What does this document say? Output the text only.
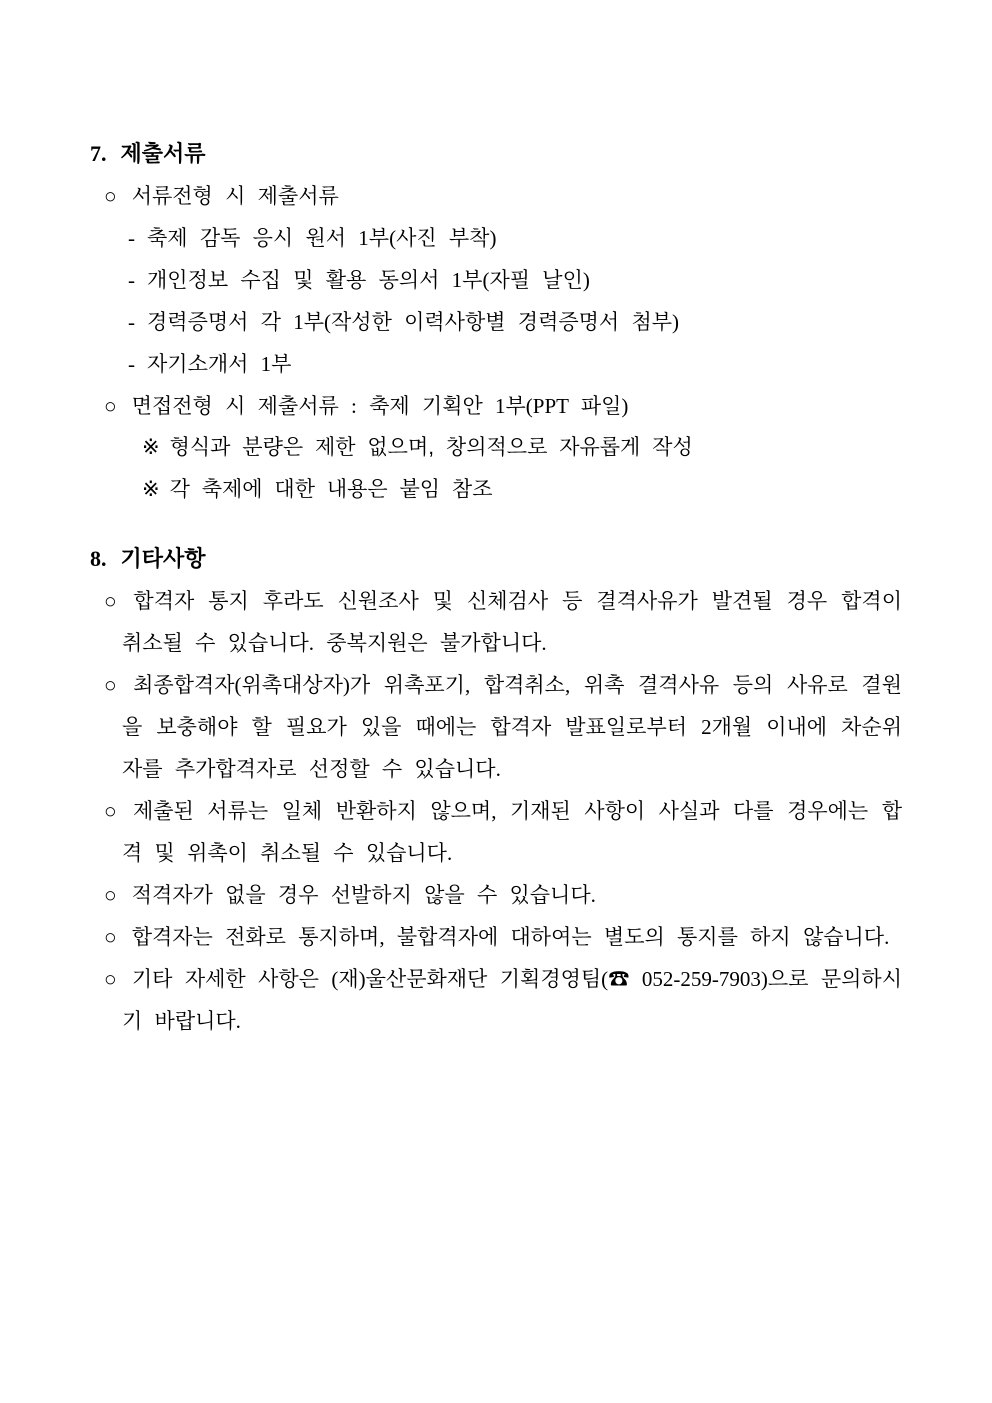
7. 제출서류
○ 서류전형 시 제출서류
- 축제 감독 응시 원서 1부(사진 부착)
- 개인정보 수집 및 활용 동의서 1부(자필 날인)
- 경력증명서 각 1부(작성한 이력사항별 경력증명서 첨부)
- 자기소개서 1부
○ 면접전형 시 제출서류 : 축제 기획안 1부(PPT 파일)
※ 형식과 분량은 제한 없으며, 창의적으로 자유롭게 작성
※ 각 축제에 대한 내용은 붙임 참조
8. 기타사항
○ 합격자 통지 후라도 신원조사 및 신체검사 등 결격사유가 발견될 경우 합격이 취소될 수 있습니다. 중복지원은 불가합니다.
○ 최종합격자(위촉대상자)가 위촉포기, 합격취소, 위촉 결격사유 등의 사유로 결원을 보충해야 할 필요가 있을 때에는 합격자 발표일로부터 2개월 이내에 차순위자를 추가합격자로 선정할 수 있습니다.
○ 제출된 서류는 일체 반환하지 않으며, 기재된 사항이 사실과 다를 경우에는 합격 및 위촉이 취소될 수 있습니다.
○ 적격자가 없을 경우 선발하지 않을 수 있습니다.
○ 합격자는 전화로 통지하며, 불합격자에 대하여는 별도의 통지를 하지 않습니다.
○ 기타 자세한 사항은 (재)울산문화재단 기획경영팀(☎ 052-259-7903)으로 문의하시기 바랍니다.
